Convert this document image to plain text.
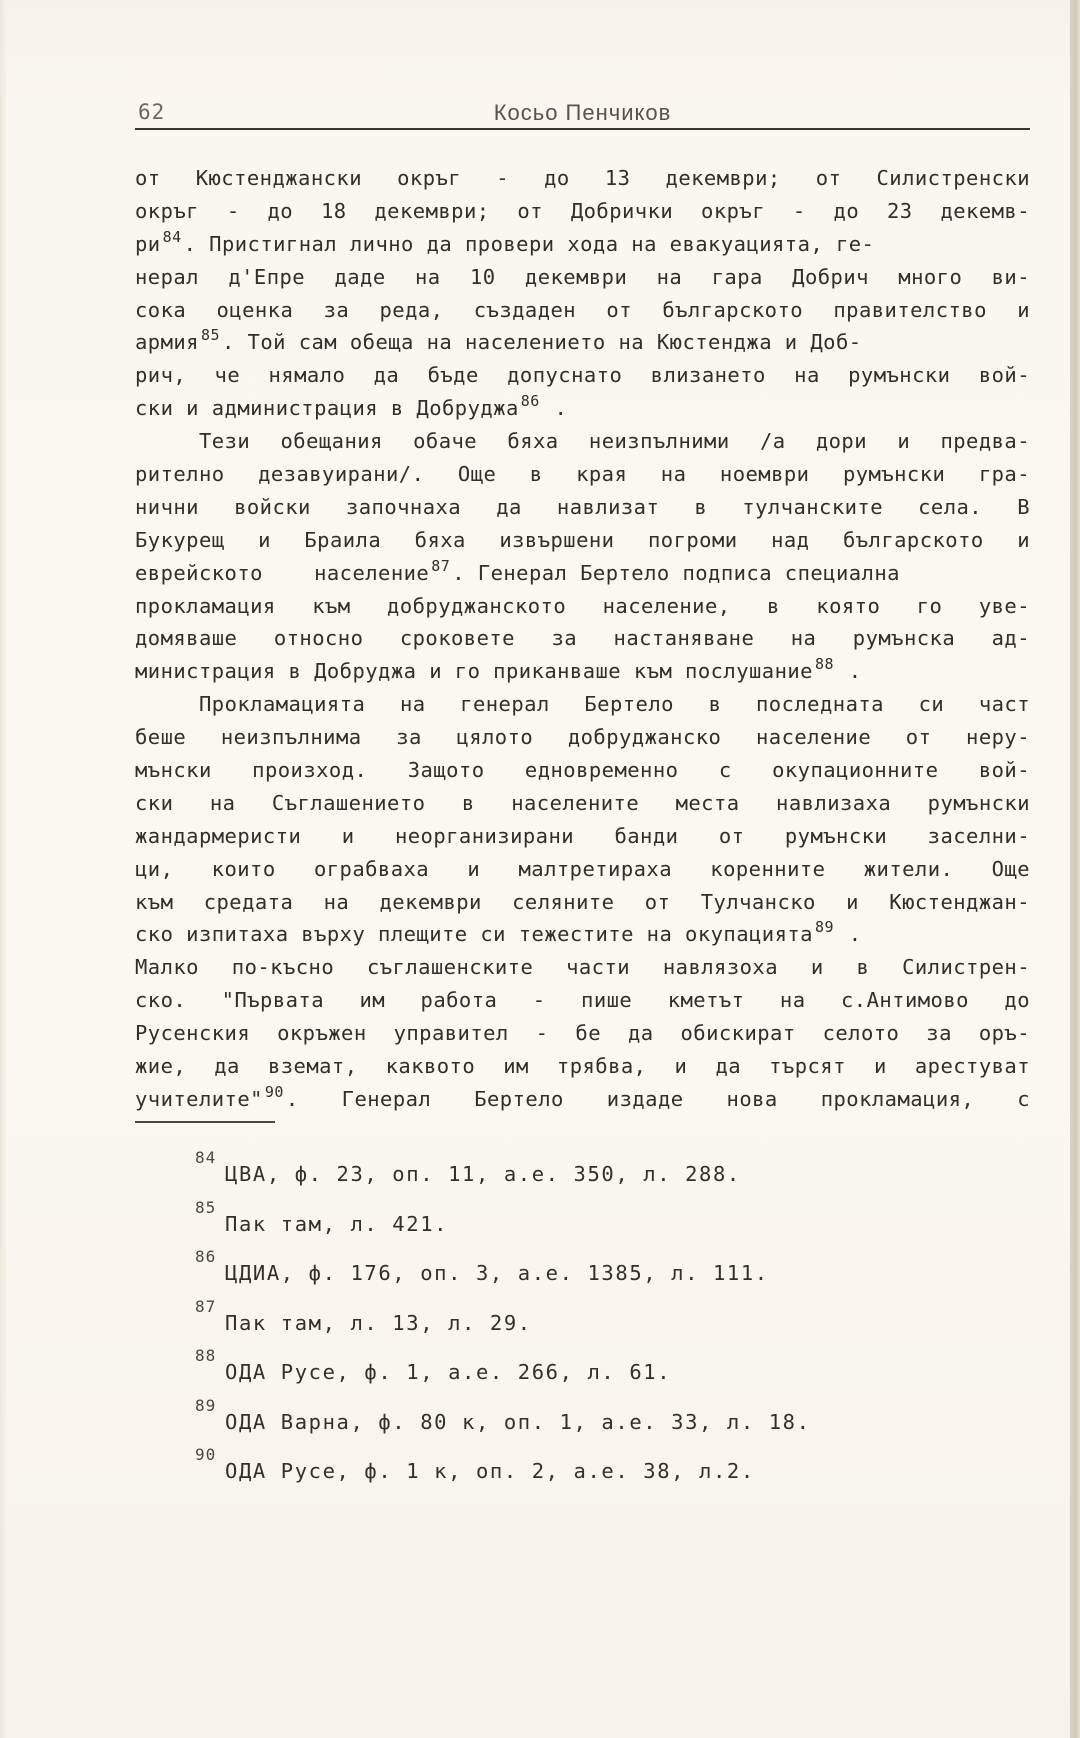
62	Косьо Пенчиков
от Кюстенджански окръг - до 13 декември; от Силистренски
окръг - до 18 декември; от Добрички окръг - до 23 декемв-
ри $^{84}$. Пристигнал лично да провери хода на евакуацията, ге-
нерал д'Епре даде на 10 декември на гара Добрич много ви-
сока оценка за реда, създаден от българското правителство и
армия $^{85}$. Той сам обеща на населението на Кюстенджа и Доб-
рич, че нямало да бъде допуснато влизането на румънски вой-
ски и администрация в Добруджа $^{86}$ .
Тези обещания обаче бяха неизпълними /а дори и предва-
рително дезавуирани/. Още в края на ноември румънски гра-
нични войски започнаха да навлизат в тулчанските села. В
Букурещ и Браила бяха извършени погроми над българското и
еврейското население $^{87}$. Генерал Бертело подписа специална
прокламация към добруджанското население, в която го уве-
домяваше относно сроковете за настаняване на румънска ад-
министрация в Добруджа и го приканваше към послушание $^{88}$ .
Прокламацията на генерал Бертело в последната си част
беше неизпълнима за цялото добруджанско население от неру-
мънски произход. Защото едновременно с окупационните вой-
ски на Съглашението в населените места навлизаха румънски
жандармеристи и неорганизирани банди от румънски заселни-
ци, които ограбваха и малтретираха коренните жители. Още
към средата на декември селяните от Тулчанско и Кюстенджан-
ско изпитаха върху плещите си тежестите на окупацията $^{89}$ .
Малко по-късно съглашенските части навлязоха и в Силистрен-
ско. "Първата им работа - пише кметът на с.Антимово до
Русенския окръжен управител - бе да обискират селото за оръ-
жие, да вземат, каквото им трябва, и да търсят и арестуват
учителите" $^{90}$. Генерал Бертело издаде нова прокламация, с
84
ЦВА, ф. 23, оп. 11, а.е. 350, л. 288.
85
Пак там, л. 421.
86
ЦДИА, ф. 176, оп. 3, а.е. 1385, л. 111.
87
Пак там, л. 13, л. 29.
88
ОДА Русе, ф. 1, а.е. 266, л. 61.
89
ОДА Варна, ф. 80 к, оп. 1, а.е. 33, л. 18.
90
ОДА Русе, ф. 1 к, оп. 2, а.е. 38, л.2.
